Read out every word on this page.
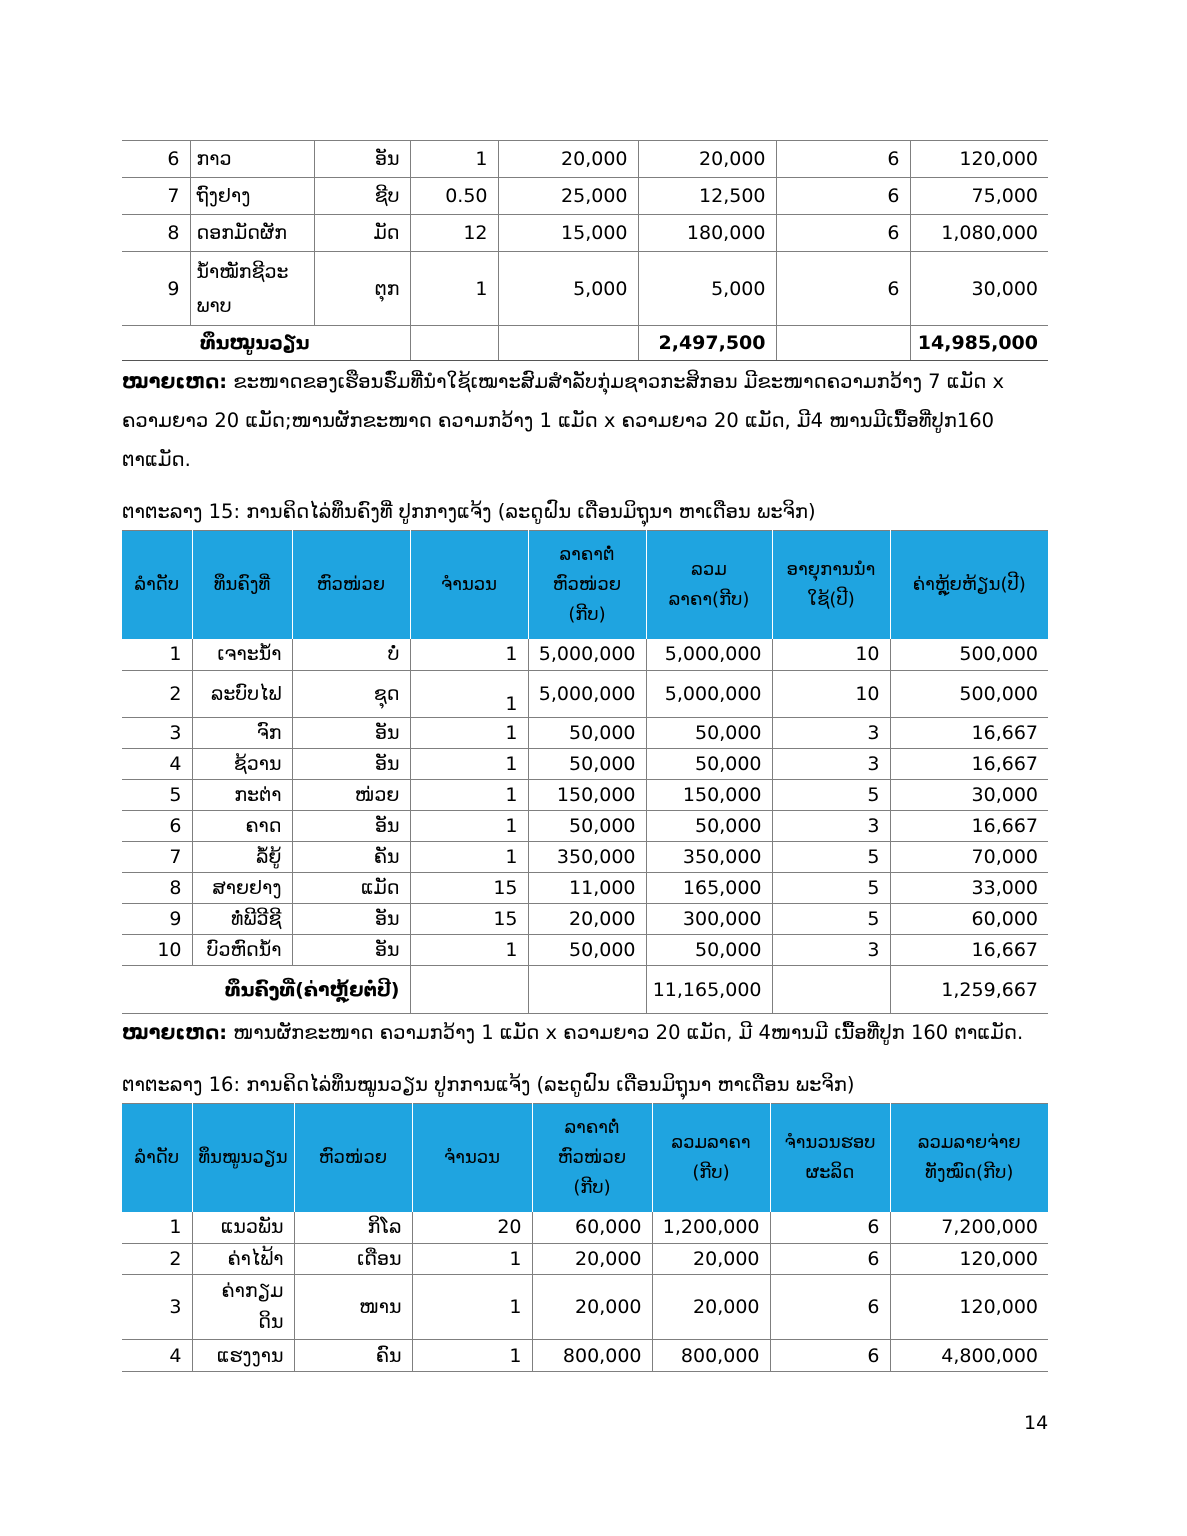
6	ກາວ	ອັນ	1	20,000	20,000	6	120,000
7	ຖົງຢາງ	ຊີບ	0.50	25,000	12,500	6	75,000
8	ດອກມັດຜັກ	ມັດ	12	15,000	180,000	6	1,080,000
9	ນ້ຳໝັກຊີວະພາບ	ຕຸກ	1	5,000	5,000	6	30,000
ທຶນໝູນວຽນ					2,497,500		14,985,000
ໝາຍເຫດ: ຂະໜາດຂອງເຮືອນຮົ່ມທີ່ນຳໃຊ້ເໝາະສົມສຳລັບກຸ່ມຊາວກະສິກອນ ມີຂະໜາດຄວາມກວ້າງ 7 ແມັດ x ຄວາມຍາວ 20 ແມັດ;ໜານຜັກຂະໜາດ ຄວາມກວ້າງ 1 ແມັດ x ຄວາມຍາວ 20 ແມັດ, ມີ4 ໜານມີເນື້ອທີ່ປູກ160 ຕາແມັດ.
ຕາຕະລາງ 15: ການຄິດໄລ່ທຶນຄົງທີ່ ປູກກາງແຈ້ງ (ລະດູຝົນ ເດືອນມິຖຸນາ ຫາເດືອນ ພະຈິກ)
ລຳດັບ	ທຶນຄົງທີ່	ຫົວໜ່ວຍ	ຈຳນວນ	ລາຄາຕໍ່ ຫົວໜ່ວຍ (ກີບ)	ລວມ ລາຄາ(ກີບ)	ອາຍຸການນຳ ໃຊ້(ປີ)	ຄ່າຫຼຸ້ຍຫ້ຽນ(ປີ)
1	ເຈາະນ້ຳ	ບໍ່	1	5,000,000	5,000,000	10	500,000
2	ລະບົບໄຟ	ຊຸດ	1	5,000,000	5,000,000	10	500,000
3	ຈົກ	ອັນ	1	50,000	50,000	3	16,667
4	ຊ້ວານ	ອັນ	1	50,000	50,000	3	16,667
5	ກະຕ່າ	ໜ່ວຍ	1	150,000	150,000	5	30,000
6	ຄາດ	ອັນ	1	50,000	50,000	3	16,667
7	ລໍ້ຍູ້	ຄັນ	1	350,000	350,000	5	70,000
8	ສາຍຢາງ	ແມັດ	15	11,000	165,000	5	33,000
9	ທໍ່ພີວີຊີ	ອັນ	15	20,000	300,000	5	60,000
10	ບົວຫົດນ້ຳ	ອັນ	1	50,000	50,000	3	16,667
ທຶນຄົງທີ່(ຄ່າຫຼຸ້ຍຕໍ່ປີ)					11,165,000		1,259,667
ໝາຍເຫດ: ໜານຜັກຂະໜາດ ຄວາມກວ້າງ 1 ແມັດ x ຄວາມຍາວ 20 ແມັດ, ມີ 4ໜານມີ ເນື້ອທີ່ປູກ 160 ຕາແມັດ.
ຕາຕະລາງ 16: ການຄິດໄລ່ທຶນໝູນວຽນ ປູກການແຈ້ງ (ລະດູຝົນ ເດືອນມິຖຸນາ ຫາເດືອນ ພະຈິກ)
ລຳດັບ	ທຶນໝູນວຽນ	ຫົວໜ່ວຍ	ຈຳນວນ	ລາຄາຕໍ່ ຫົວໜ່ວຍ (ກີບ)	ລວມລາຄາ (ກີບ)	ຈຳນວນຮອບ ຜະລິດ	ລວມລາຍຈ່າຍ ທັງໝົດ(ກີບ)
1	ແນວພັນ	ກິໂລ	20	60,000	1,200,000	6	7,200,000
2	ຄ່າໄຟ້າ	ເດືອນ	1	20,000	20,000	6	120,000
3	ຄ່າກຽມດິນ	ໜານ	1	20,000	20,000	6	120,000
4	ແຮງງານ	ຄົນ	1	800,000	800,000	6	4,800,000
14
